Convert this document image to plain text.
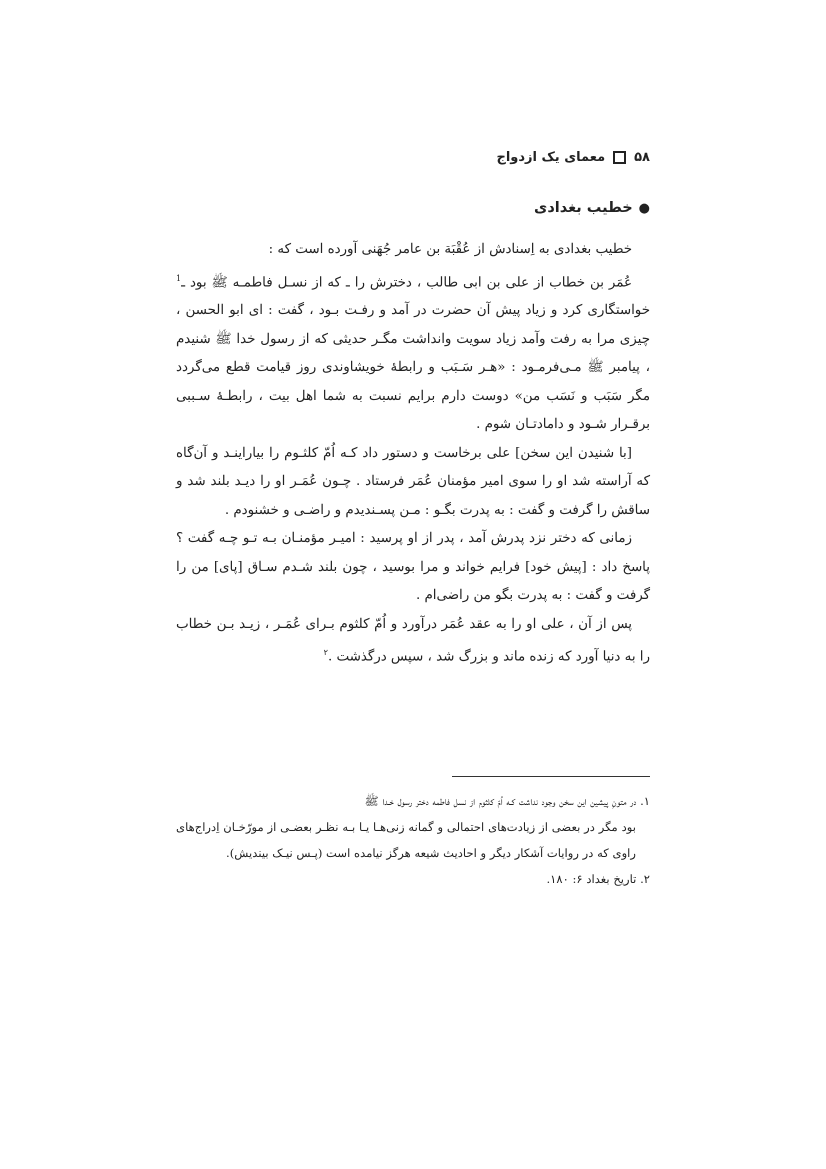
۵۸
معمای یک ازدواج
●
خطیب بغدادی

خطیب بغدادی به اِسنادش از عُقْبَة بن عامر جُهَنی آورده است که :

عُمَر بن خطاب از علی بن ابی طالب ، دخترش را ـ که از نسـل فاطمـه ﷺ بود ـ$^1$ خواستگاری کرد و زیاد پیش آن حضرت در آمد و رفـت بـود ، گفت : ای ابو الحسن ، چیزی مرا به رفت وآمد زیاد سویت وانداشت مگـر حدیثی که از رسول خدا ﷺ شنیدم ، پیامبر ﷺ مـی‌فرمـود : «هـر سَـبَب و رابطهٔ خویشاوندی روز قیامت قطع می‌گردد مگر سَبَب و نَسَب من» دوست دارم برایم نسبت به شما اهل بیت ، رابطـهٔ سـببی برقـرار شـود و دامادتـان شوم .

[با شنیدن این سخن] علی برخاست و دستور داد کـه اُمّ کلثـوم را بیاراینـد و آن‌گاه که آراسته شد او را سوی امیر مؤمنان عُمَر فرستاد . چـون عُمَـر او را دیـد بلند شد و ساقش را گرفت و گفت : به پدرت بگـو : مـن پسـندیدم و راضـی و خشنودم .

زمانی که دختر نزد پدرش آمد ، پدر از او پرسید : امیـر مؤمنـان بـه تـو چـه گفت ؟ پاسخ داد : [پیش خود] فرایم خواند و مرا بوسید ، چون بلند شـدم سـاق [پای] من را گرفت و گفت : به پدرت بگو من راضی‌ام .

پس از آن ، علی او را به عقد عُمَر درآورد و اُمّ کلثوم بـرای عُمَـر ، زیـد بـن خطاب را به دنیا آورد که زنده ماند و بزرگ شد ، سپس درگذشت .$^۲$

۱. در متونِ پیشین این سخن وجود نداشت کـه اُمّ کلثوم از نسل فاطمه دختر رسول خـدا ﷺ

بود مگر در بعضی از زیادت‌های احتمالی و گمانه زنی‌هـا یـا بـه نظـر بعضـی از مورّخـان اِدراج‌های راوی که در روایات آشکار دیگر و احادیث شیعه هرگز نیامده است (پـس نیـک بیندیش).

۲. تاریخ بغداد ۶: ۱۸۰.
